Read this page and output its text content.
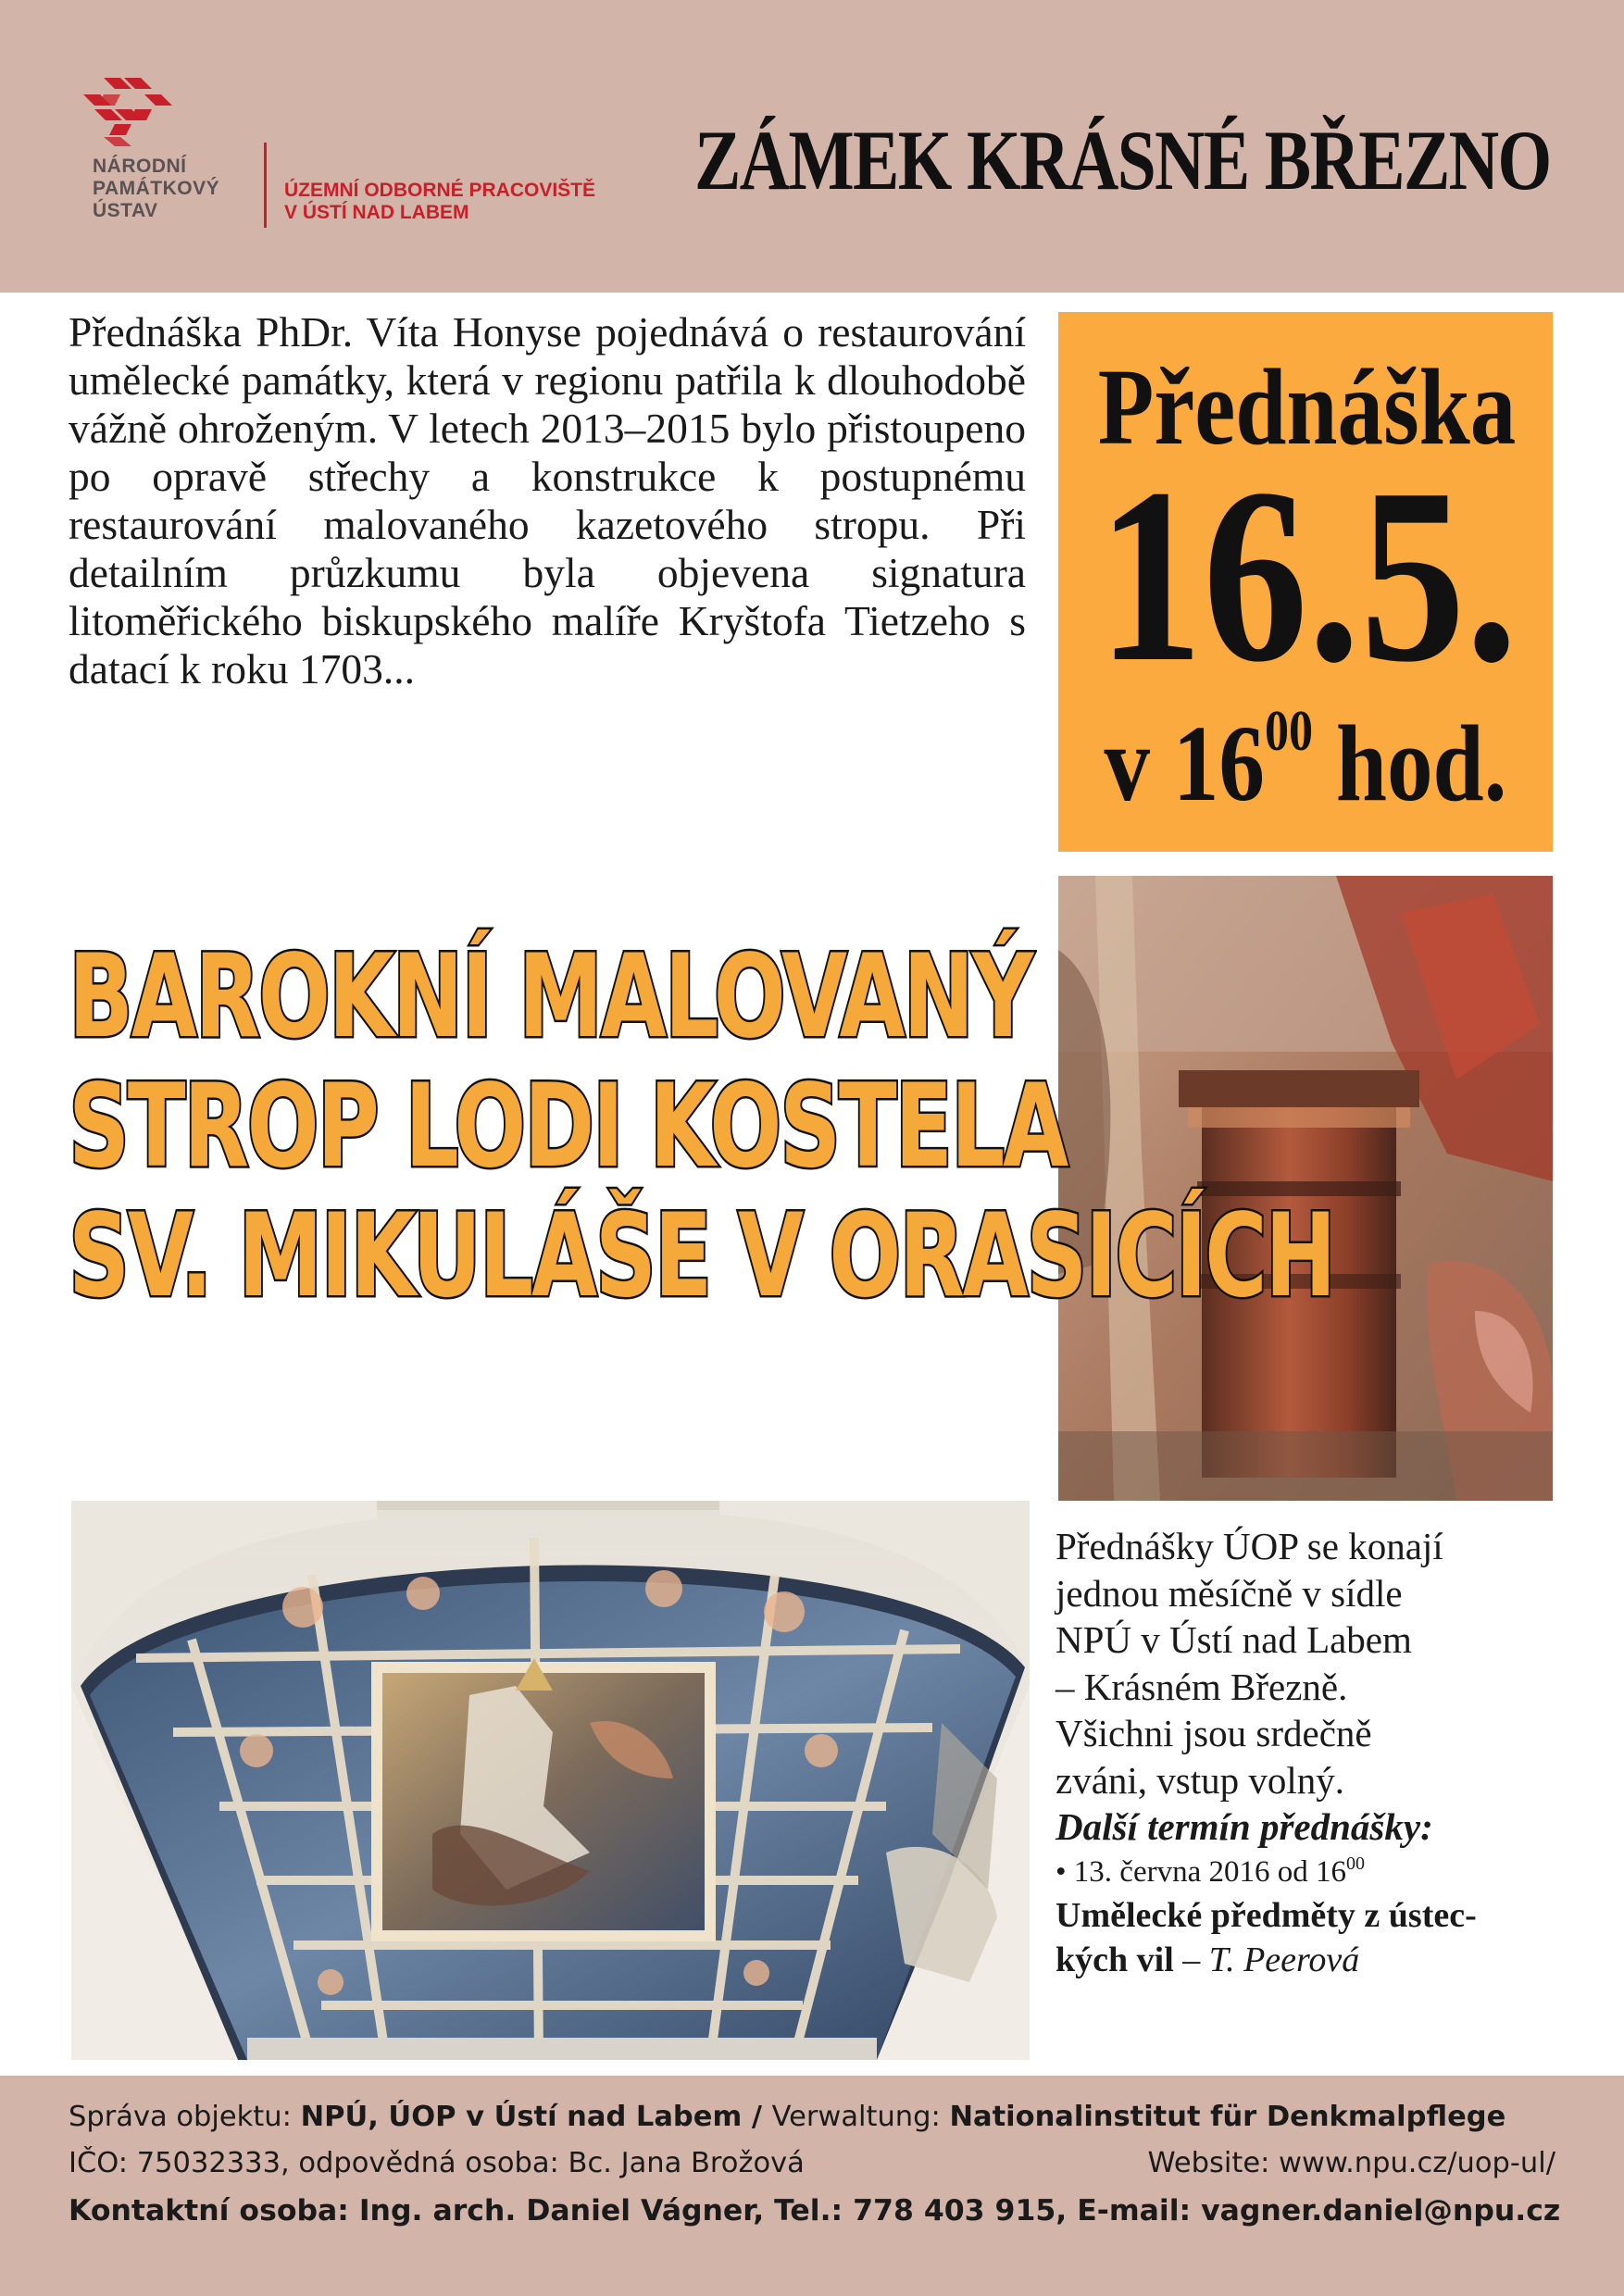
NÁRODNÍ
PAMÁTKOVÝ
ÚSTAV
ÚZEMNÍ ODBORNÉ PRACOVIŠTĚ
V ÚSTÍ NAD LABEM
ZÁMEK KRÁSNÉ BŘEZNO

Přednáška PhDr. Víta Honyse pojednává o restaurování umělecké památky, která v regionu patřila k dlouhodobě vážně ohroženým. V letech 2013–2015 bylo přistoupeno po opravě střechy a konstrukce k postupnému restaurování malovaného kazetového stropu. Při detailním průzkumu byla objevena signatura litoměřického biskupského malíře Kryštofa Tietzeho s datací k roku 1703...

Přednáška
16.5.
v $16^{00}$ hod.
BAROKNÍ MALOVANÝ
STROP LODI KOSTELA
SV. MIKULÁŠE V ORASICÍCH
Přednášky ÚOP se konají
jednou měsíčně v sídle
NPÚ v Ústí nad Labem
– Krásném Březně.
Všichni jsou srdečně
zváni, vstup volný.
Další termín přednášky:
• 13. června 2016 od $16^{00}$
Umělecké předměty z ústec-
kých vil – T. Peerová
Správa objektu: NPÚ, ÚOP v Ústí nad Labem / Verwaltung: Nationalinstitut für Denkmalpflege
IČO: 75032333, odpovědná osoba: Bc. Jana Brožová	Website: www.npu.cz/uop-ul/
Kontaktní osoba: Ing. arch. Daniel Vágner, Tel.: 778 403 915, E-mail: vagner.daniel@npu.cz
